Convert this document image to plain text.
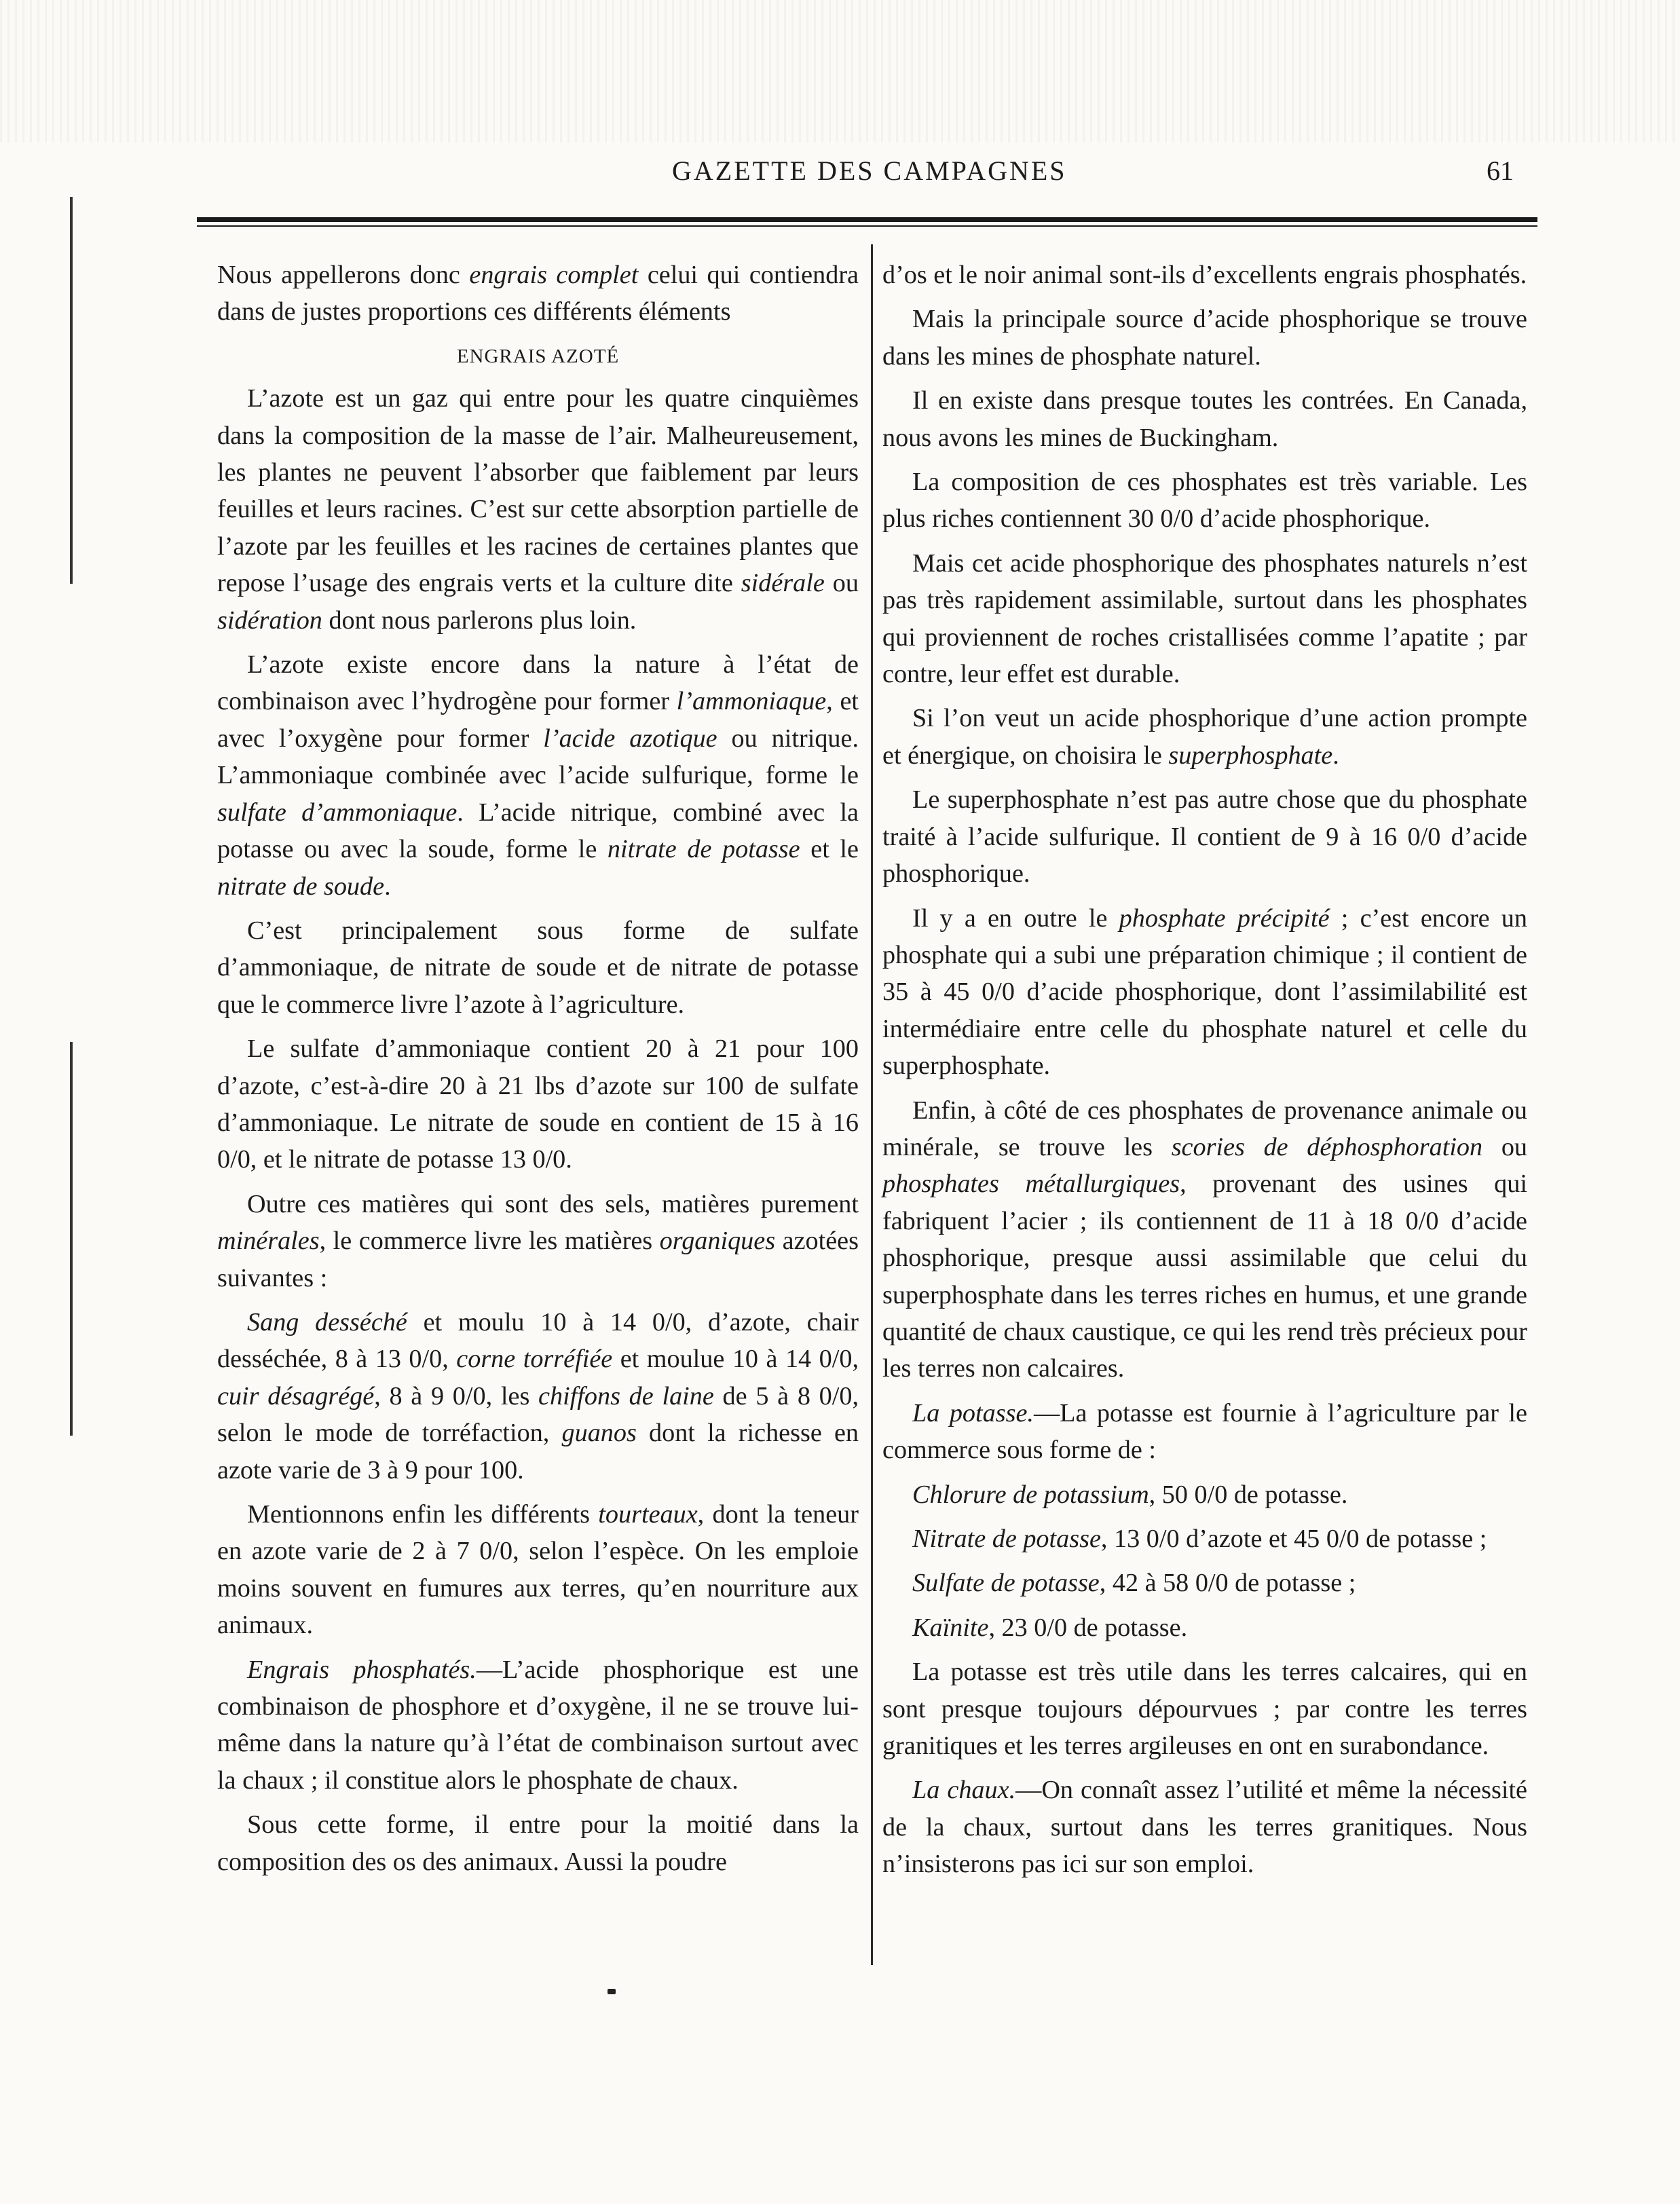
GAZETTE DES CAMPAGNES	61

Nous appellerons donc engrais complet celui qui contiendra dans de justes proportions ces différents éléments

ENGRAIS AZOTÉ

L’azote est un gaz qui entre pour les quatre cinquièmes dans la composition de la masse de l’air. Malheureusement, les plantes ne peuvent l’absorber que faiblement par leurs feuilles et leurs racines. C’est sur cette absorption partielle de l’azote par les feuilles et les racines de certaines plantes que repose l’usage des engrais verts et la culture dite sidérale ou sidération dont nous parlerons plus loin.

L’azote existe encore dans la nature à l’état de combinaison avec l’hydrogène pour former l’ammoniaque, et avec l’oxygène pour former l’acide azotique ou nitrique. L’ammoniaque combinée avec l’acide sulfurique, forme le sulfate d’ammoniaque. L’acide nitrique, combiné avec la potasse ou avec la soude, forme le nitrate de potasse et le nitrate de soude.

C’est principalement sous forme de sulfate d’ammoniaque, de nitrate de soude et de nitrate de potasse que le commerce livre l’azote à l’agriculture.

Le sulfate d’ammoniaque contient 20 à 21 pour 100 d’azote, c’est-à-dire 20 à 21 lbs d’azote sur 100 de sulfate d’ammoniaque. Le nitrate de soude en contient de 15 à 16 0/0, et le nitrate de potasse 13 0/0.

Outre ces matières qui sont des sels, matières purement minérales, le commerce livre les matières organiques azotées suivantes :

Sang desséché et moulu 10 à 14 0/0, d’azote, chair desséchée, 8 à 13 0/0, corne torréfiée et moulue 10 à 14 0/0, cuir désagrégé, 8 à 9 0/0, les chiffons de laine de 5 à 8 0/0, selon le mode de torréfaction, guanos dont la richesse en azote varie de 3 à 9 pour 100.

Mentionnons enfin les différents tourteaux, dont la teneur en azote varie de 2 à 7 0/0, selon l’espèce. On les emploie moins souvent en fumures aux terres, qu’en nourriture aux animaux.

Engrais phosphatés.—L’acide phosphorique est une combinaison de phosphore et d’oxygène, il ne se trouve lui-même dans la nature qu’à l’état de combinaison surtout avec la chaux ; il constitue alors le phosphate de chaux.

Sous cette forme, il entre pour la moitié dans la composition des os des animaux. Aussi la poudre

d’os et le noir animal sont-ils d’excellents engrais phosphatés.

Mais la principale source d’acide phosphorique se trouve dans les mines de phosphate naturel.

Il en existe dans presque toutes les contrées. En Canada, nous avons les mines de Buckingham.

La composition de ces phosphates est très variable. Les plus riches contiennent 30 0/0 d’acide phosphorique.

Mais cet acide phosphorique des phosphates naturels n’est pas très rapidement assimilable, surtout dans les phosphates qui proviennent de roches cristallisées comme l’apatite ; par contre, leur effet est durable.

Si l’on veut un acide phosphorique d’une action prompte et énergique, on choisira le superphosphate.

Le superphosphate n’est pas autre chose que du phosphate traité à l’acide sulfurique. Il contient de 9 à 16 0/0 d’acide phosphorique.

Il y a en outre le phosphate précipité ; c’est encore un phosphate qui a subi une préparation chimique ; il contient de 35 à 45 0/0 d’acide phosphorique, dont l’assimilabilité est intermédiaire entre celle du phosphate naturel et celle du superphosphate.

Enfin, à côté de ces phosphates de provenance animale ou minérale, se trouve les scories de déphosphoration ou phosphates métallurgiques, provenant des usines qui fabriquent l’acier ; ils contiennent de 11 à 18 0/0 d’acide phosphorique, presque aussi assimilable que celui du superphosphate dans les terres riches en humus, et une grande quantité de chaux caustique, ce qui les rend très précieux pour les terres non calcaires.

La potasse.—La potasse est fournie à l’agriculture par le commerce sous forme de :

Chlorure de potassium, 50 0/0 de potasse.

Nitrate de potasse, 13 0/0 d’azote et 45 0/0 de potasse ;

Sulfate de potasse, 42 à 58 0/0 de potasse ;

Kaïnite, 23 0/0 de potasse.

La potasse est très utile dans les terres calcaires, qui en sont presque toujours dépourvues ; par contre les terres granitiques et les terres argileuses en ont en surabondance.

La chaux.—On connaît assez l’utilité et même la nécessité de la chaux, surtout dans les terres granitiques. Nous n’insisterons pas ici sur son emploi.
